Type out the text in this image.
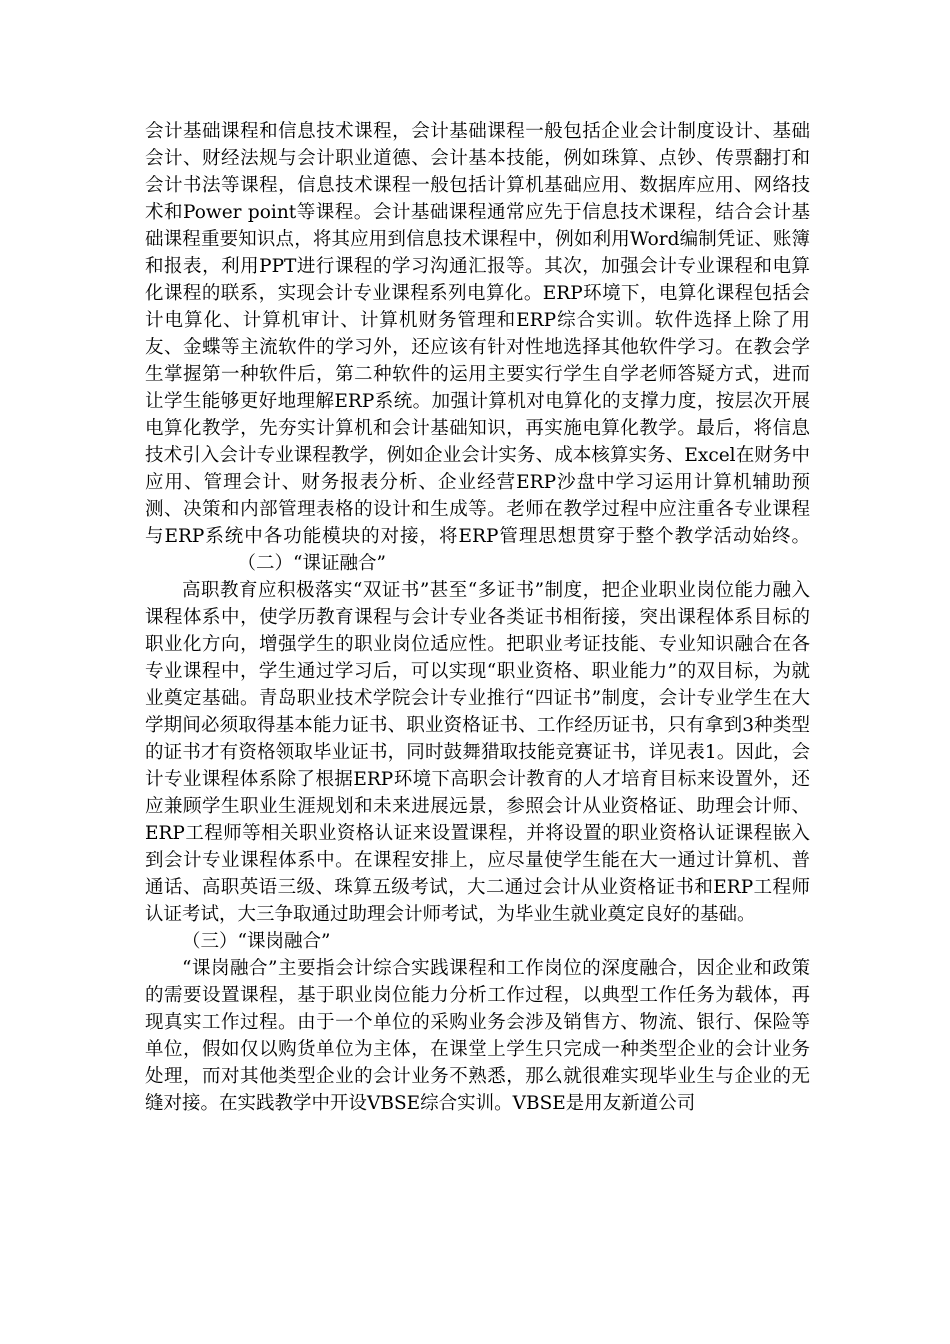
会计基础课程和信息技术课程，会计基础课程一般包括企业会计制度设计、基础会计、财经法规与会计职业道德、会计基本技能，例如珠算、点钞、传票翻打和会计书法等课程，信息技术课程一般包括计算机基础应用、数据库应用、网络技术和Power point等课程。会计基础课程通常应先于信息技术课程，结合会计基础课程重要知识点，将其应用到信息技术课程中，例如利用Word编制凭证、账簿和报表，利用PPT进行课程的学习沟通汇报等。其次，加强会计专业课程和电算化课程的联系，实现会计专业课程系列电算化。ERP环境下，电算化课程包括会计电算化、计算机审计、计算机财务管理和ERP综合实训。软件选择上除了用友、金蝶等主流软件的学习外，还应该有针对性地选择其他软件学习。在教会学生掌握第一种软件后，第二种软件的运用主要实行学生自学老师答疑方式，进而让学生能够更好地理解ERP系统。加强计算机对电算化的支撑力度，按层次开展电算化教学，先夯实计算机和会计基础知识，再实施电算化教学。最后，将信息技术引入会计专业课程教学，例如企业会计实务、成本核算实务、Excel在财务中应用、管理会计、财务报表分析、企业经营ERP沙盘中学习运用计算机辅助预测、决策和内部管理表格的设计和生成等。老师在教学过程中应注重各专业课程与ERP系统中各功能模块的对接，将ERP管理思想贯穿于整个教学活动始终。（二）“课证融合”

高职教育应积极落实“双证书”甚至“多证书”制度，把企业职业岗位能力融入课程体系中，使学历教育课程与会计专业各类证书相衔接，突出课程体系目标的职业化方向，增强学生的职业岗位适应性。把职业考证技能、专业知识融合在各专业课程中，学生通过学习后，可以实现“职业资格、职业能力”的双目标，为就业奠定基础。青岛职业技术学院会计专业推行“四证书”制度，会计专业学生在大学期间必须取得基本能力证书、职业资格证书、工作经历证书，只有拿到3种类型的证书才有资格领取毕业证书，同时鼓舞猎取技能竞赛证书，详见表1。因此，会计专业课程体系除了根据ERP环境下高职会计教育的人才培育目标来设置外，还应兼顾学生职业生涯规划和未来进展远景，参照会计从业资格证、助理会计师、ERP工程师等相关职业资格认证来设置课程，并将设置的职业资格认证课程嵌入到会计专业课程体系中。在课程安排上，应尽量使学生能在大一通过计算机、普通话、高职英语三级、珠算五级考试，大二通过会计从业资格证书和ERP工程师认证考试，大三争取通过助理会计师考试，为毕业生就业奠定良好的基础。

（三）“课岗融合”

“课岗融合”主要指会计综合实践课程和工作岗位的深度融合，因企业和政策的需要设置课程，基于职业岗位能力分析工作过程，以典型工作任务为载体，再现真实工作过程。由于一个单位的采购业务会涉及销售方、物流、银行、保险等单位，假如仅以购货单位为主体，在课堂上学生只完成一种类型企业的会计业务处理，而对其他类型企业的会计业务不熟悉，那么就很难实现毕业生与企业的无缝对接。在实践教学中开设VBSE综合实训。VBSE是用友新道公司
